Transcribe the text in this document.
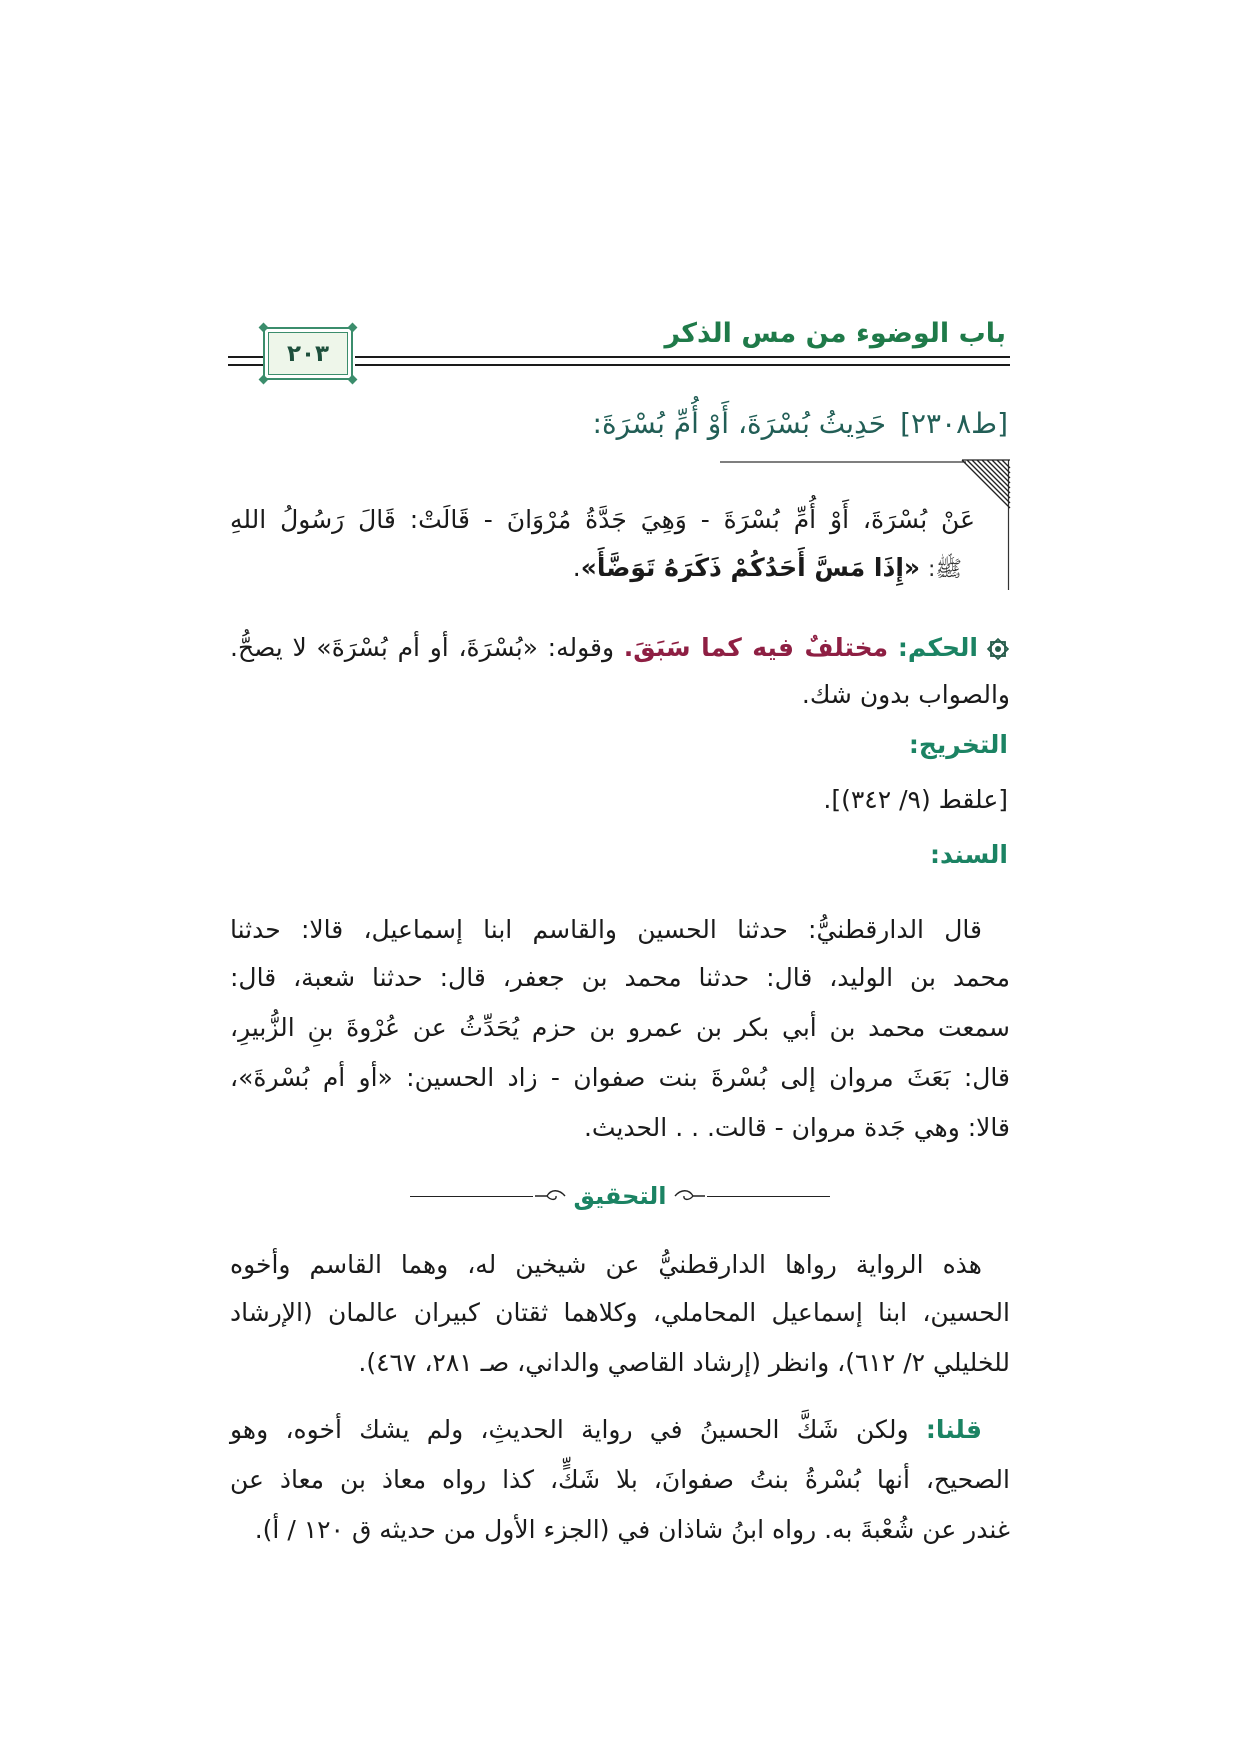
باب الوضوء من مس الذكر
٢٠٣
[٢٣٠٨ط]حَدِيثُ بُسْرَةَ، أَوْ أُمِّ بُسْرَةَ:
عَنْ بُسْرَةَ، أَوْ أُمِّ بُسْرَةَ - وَهِيَ جَدَّةُ مُرْوَانَ - قَالَتْ: قَالَ رَسُولُ اللهِ
ﷺ: «إِذَا مَسَّ أَحَدُكُمْ ذَكَرَهُ تَوَضَّأَ».
الحكم: مختلفٌ فيه كما سَبَقَ. وقوله: «بُسْرَةَ، أو أم بُسْرَةَ» لا يصحُّ.
والصواب بدون شك.
التخريج:
[علقط (٩/ ٣٤٢)].
السند:
قال الدارقطنيُّ: حدثنا الحسين والقاسم ابنا إسماعيل، قالا: حدثنا
محمد بن الوليد، قال: حدثنا محمد بن جعفر، قال: حدثنا شعبة، قال:
سمعت محمد بن أبي بكر بن عمرو بن حزم يُحَدِّثُ عن عُرْوةَ بنِ الزُّبيرِ،
قال: بَعَثَ مروان إلى بُسْرةَ بنت صفوان - زاد الحسين: «أو أم بُسْرةَ»،
قالا: وهي جَدة مروان - قالت. . . الحديث.
التحقيق
هذه الرواية رواها الدارقطنيُّ عن شيخين له، وهما القاسم وأخوه
الحسين، ابنا إسماعيل المحاملي، وكلاهما ثقتان كبيران عالمان (الإرشاد
للخليلي ٢/ ٦١٢)، وانظر (إرشاد القاصي والداني، صـ ٢٨١، ٤٦٧).
قلنا: ولكن شَكَّ الحسينُ في رواية الحديثِ، ولم يشك أخوه، وهو
الصحيح، أنها بُسْرةُ بنتُ صفوانَ، بلا شَكٍّ، كذا رواه معاذ بن معاذ عن
غندر عن شُعْبةَ به. رواه ابنُ شاذان في (الجزء الأول من حديثه ق ١٢٠ / أ).
